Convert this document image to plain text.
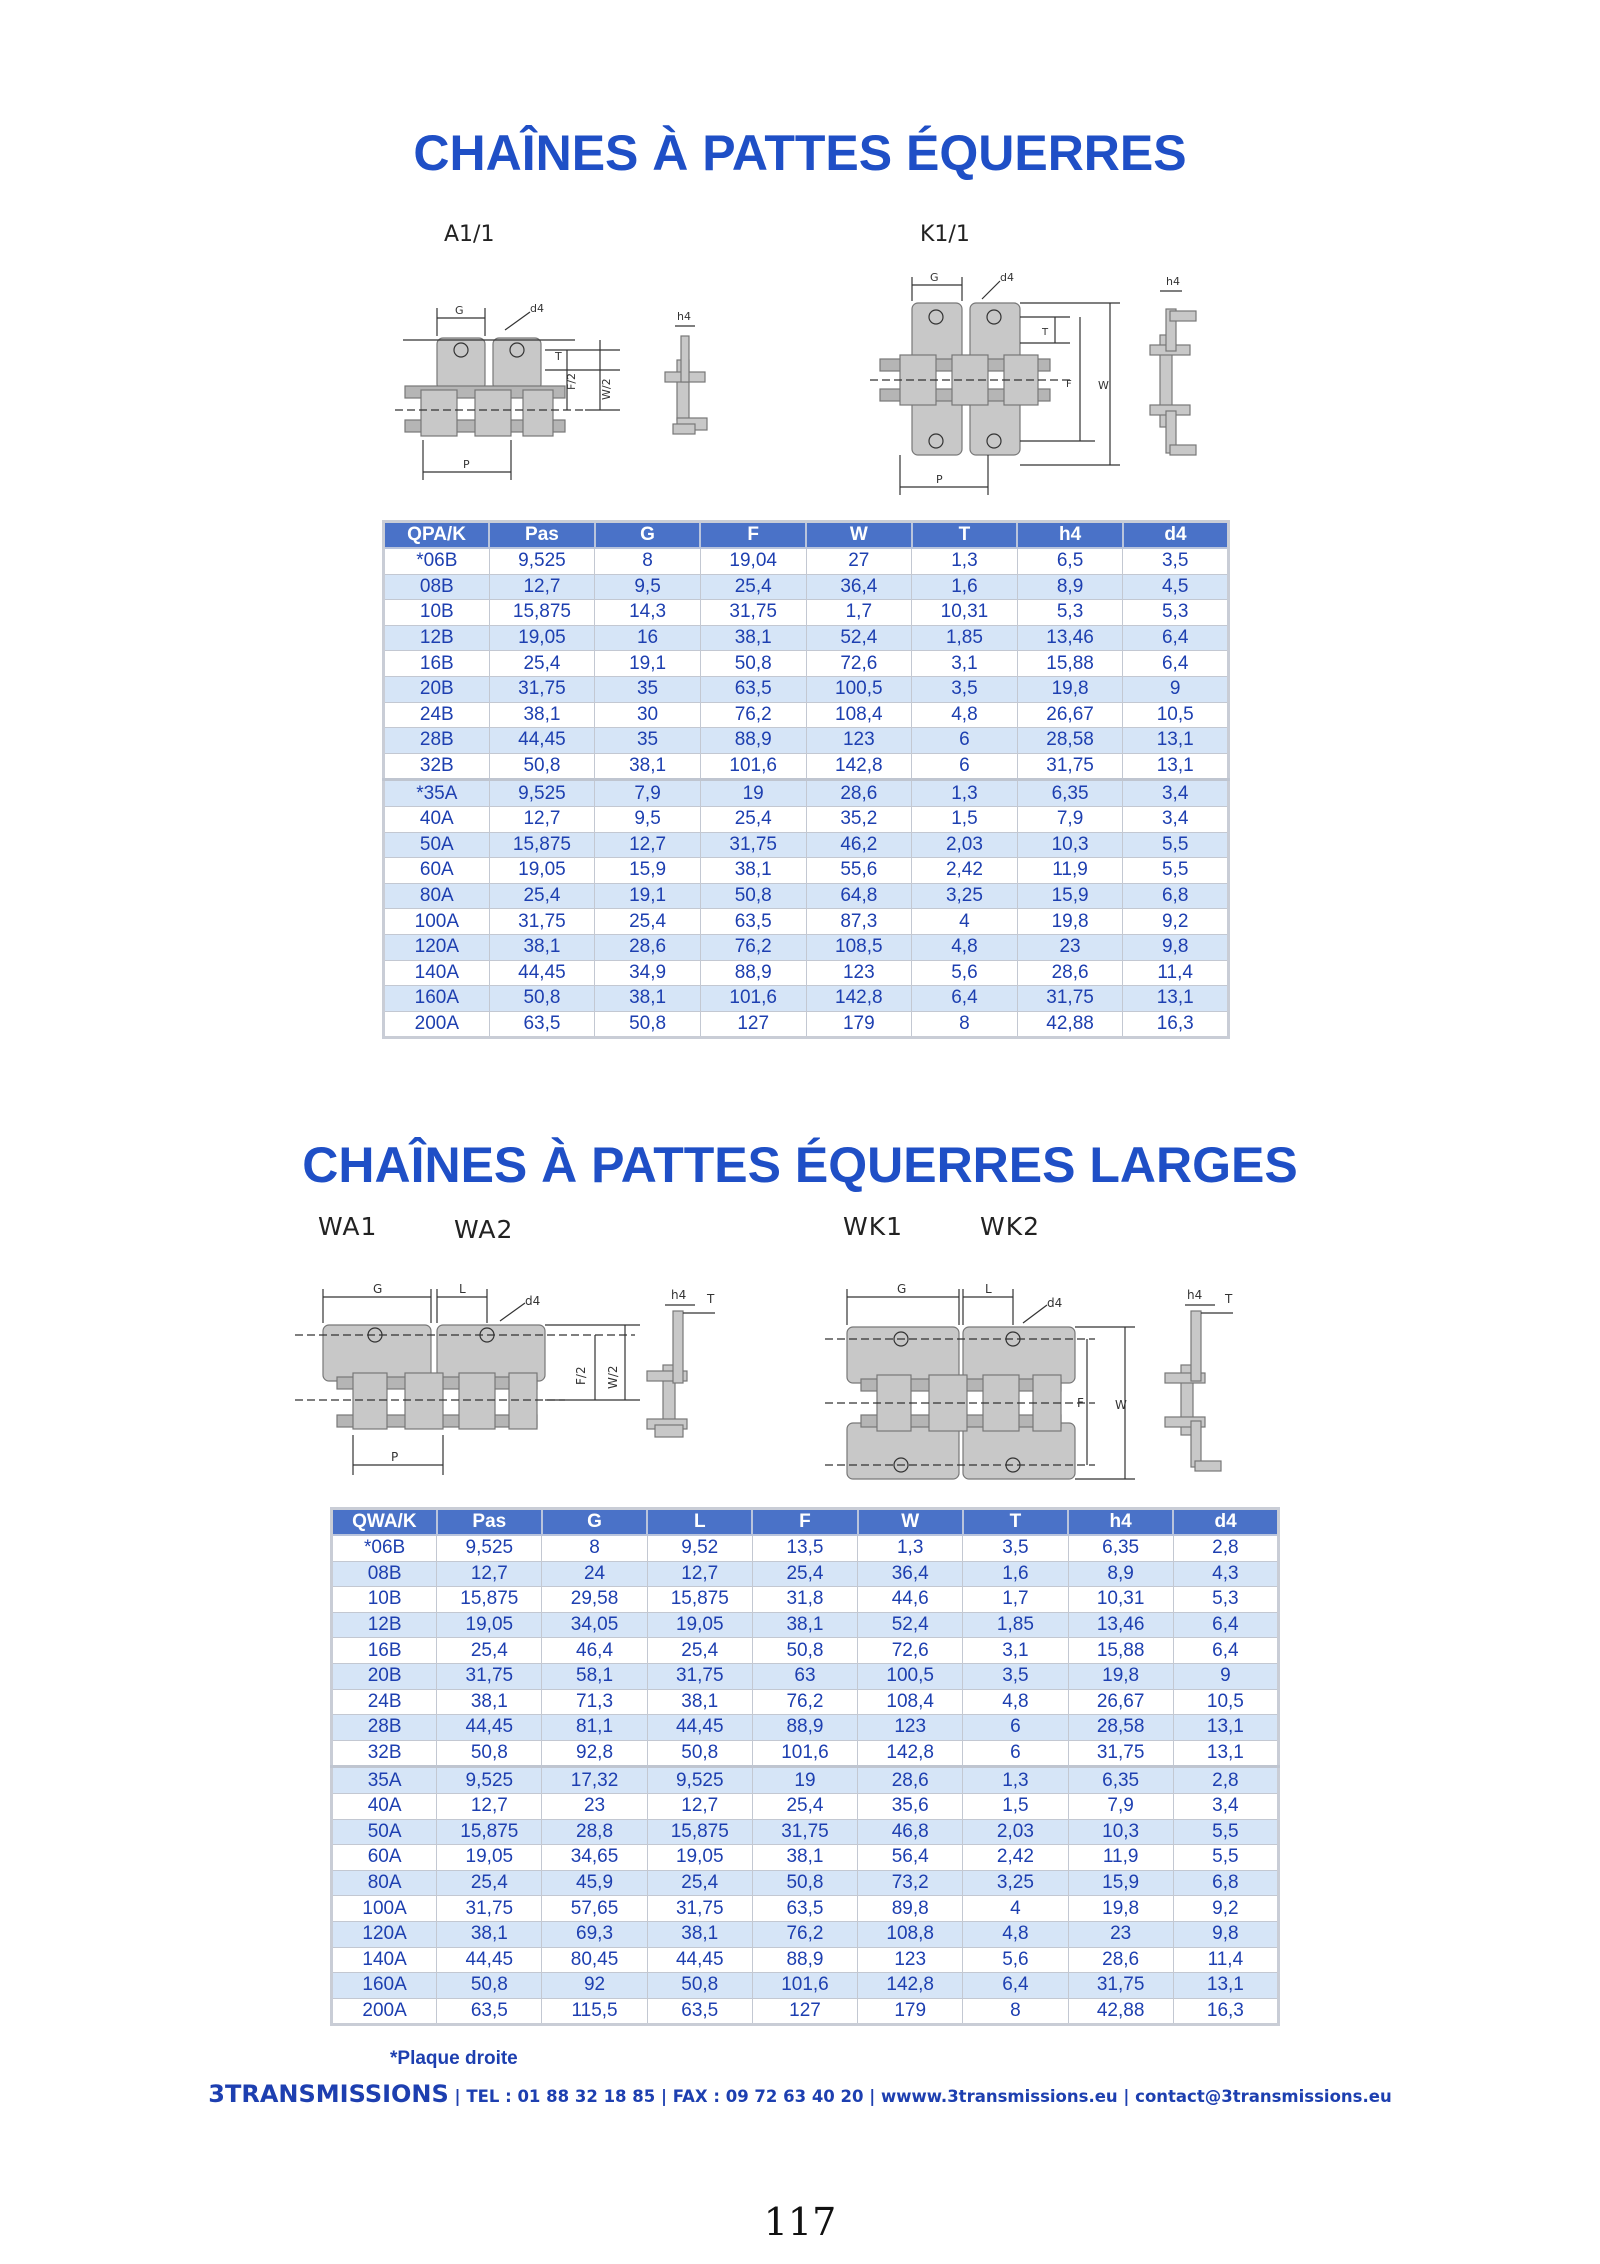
CHAÎNES À PATTES ÉQUERRES
CHAÎNES À PATTES ÉQUERRES LARGES
A1/1	K1/1
WA1	WA2	WK1	WK2
G	d4
T
F/2 W/2
P
h4
G	d4
T
F W
P
h4
G	L
d4
F/2 W/2
P
h4 T
G	L
d4
F	W
h4 T
QPA/K	Pas	G	F	W	T	h4	d4
*06B	9,525	8	19,04	27	1,3	6,5	3,5
08B	12,7	9,5	25,4	36,4	1,6	8,9	4,5
10B	15,875	14,3	31,75	1,7	10,31	5,3	5,3
12B	19,05	16	38,1	52,4	1,85	13,46	6,4
16B	25,4	19,1	50,8	72,6	3,1	15,88	6,4
20B	31,75	35	63,5	100,5	3,5	19,8	9
24B	38,1	30	76,2	108,4	4,8	26,67	10,5
28B	44,45	35	88,9	123	6	28,58	13,1
32B	50,8	38,1	101,6	142,8	6	31,75	13,1
*35A	9,525	7,9	19	28,6	1,3	6,35	3,4
40A	12,7	9,5	25,4	35,2	1,5	7,9	3,4
50A	15,875	12,7	31,75	46,2	2,03	10,3	5,5
60A	19,05	15,9	38,1	55,6	2,42	11,9	5,5
80A	25,4	19,1	50,8	64,8	3,25	15,9	6,8
100A	31,75	25,4	63,5	87,3	4	19,8	9,2
120A	38,1	28,6	76,2	108,5	4,8	23	9,8
140A	44,45	34,9	88,9	123	5,6	28,6	11,4
160A	50,8	38,1	101,6	142,8	6,4	31,75	13,1
200A	63,5	50,8	127	179	8	42,88	16,3
QWA/K	Pas	G	L	F	W	T	h4	d4
*06B	9,525	8	9,52	13,5	1,3	3,5	6,35	2,8
08B	12,7	24	12,7	25,4	36,4	1,6	8,9	4,3
10B	15,875	29,58	15,875	31,8	44,6	1,7	10,31	5,3
12B	19,05	34,05	19,05	38,1	52,4	1,85	13,46	6,4
16B	25,4	46,4	25,4	50,8	72,6	3,1	15,88	6,4
20B	31,75	58,1	31,75	63	100,5	3,5	19,8	9
24B	38,1	71,3	38,1	76,2	108,4	4,8	26,67	10,5
28B	44,45	81,1	44,45	88,9	123	6	28,58	13,1
32B	50,8	92,8	50,8	101,6	142,8	6	31,75	13,1
35A	9,525	17,32	9,525	19	28,6	1,3	6,35	2,8
40A	12,7	23	12,7	25,4	35,6	1,5	7,9	3,4
50A	15,875	28,8	15,875	31,75	46,8	2,03	10,3	5,5
60A	19,05	34,65	19,05	38,1	56,4	2,42	11,9	5,5
80A	25,4	45,9	25,4	50,8	73,2	3,25	15,9	6,8
100A	31,75	57,65	31,75	63,5	89,8	4	19,8	9,2
120A	38,1	69,3	38,1	76,2	108,8	4,8	23	9,8
140A	44,45	80,45	44,45	88,9	123	5,6	28,6	11,4
160A	50,8	92	50,8	101,6	142,8	6,4	31,75	13,1
200A	63,5	115,5	63,5	127	179	8	42,88	16,3
*Plaque droite
3TRANSMISSIONS | TEL : 01 88 32 18 85 | FAX : 09 72 63 40 20 | wwww.3transmissions.eu | contact@3transmissions.eu
117
